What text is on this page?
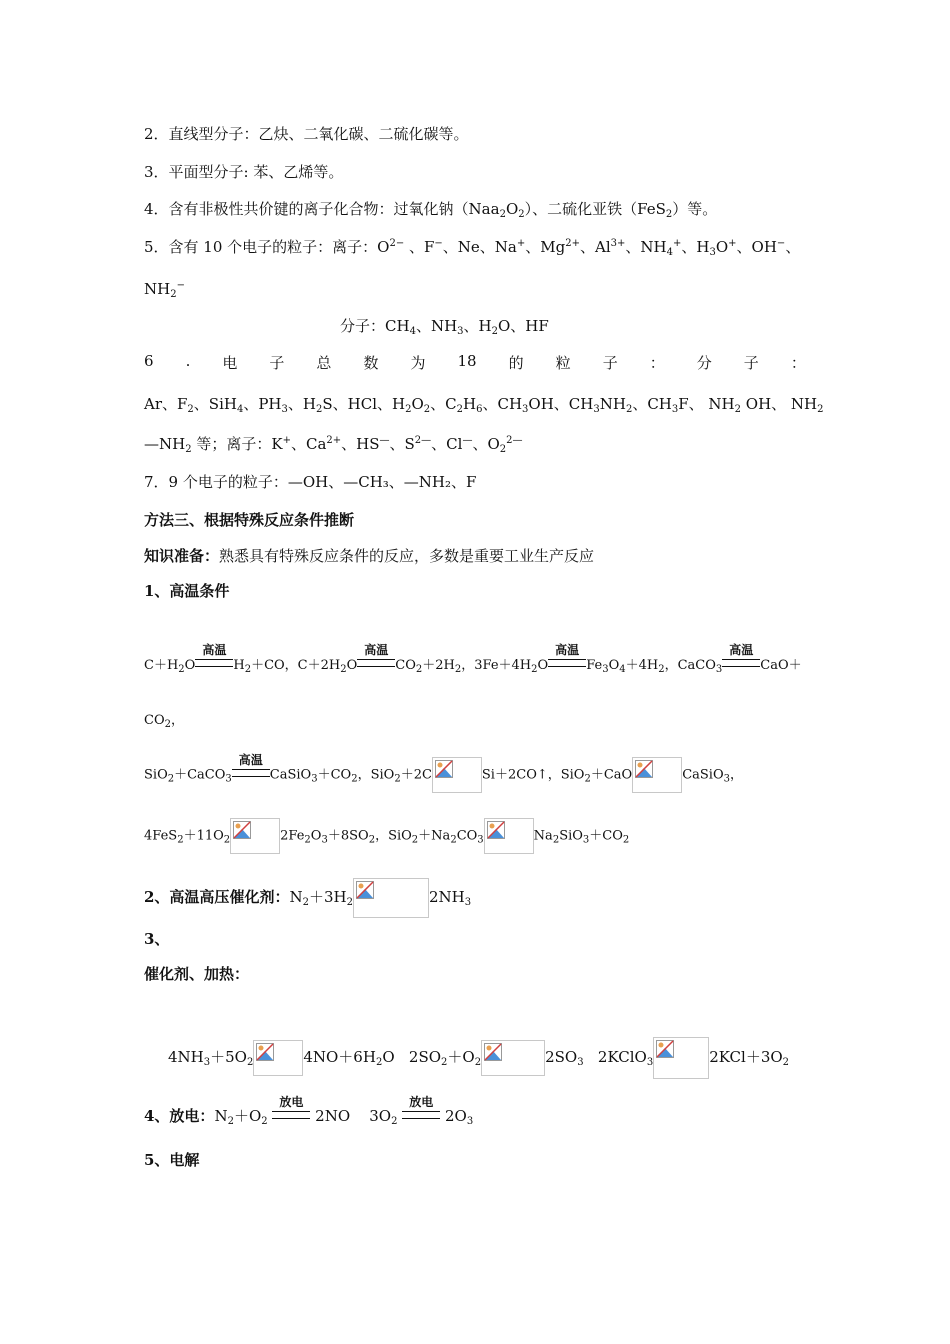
2．直线型分子：乙炔、二氧化碳、二硫化碳等。
3．平面型分子: 苯、乙烯等。
4．含有非极性共价键的离子化合物：过氧化钠$(Naa_2O_2)$、二硫化亚铁（FeS$_2$）等。
5．含有 10 个电子的粒子：离子：$O^{2-}$ 、F−、Ne、Na+、$Mg^{2+}$、$Al^{3+}$、$NH_4^+$、$H_3O^+$、OH−、
$NH_2^-$
分子：$CH_4$、$NH_3$、$H_2O$、HF
6 . 电 子 总 数 为 18 的 粒 子 ： 分 子 ：
Ar、$F_2$、SiH$_4$、$PH_3$、$H_2S$、HCl、$H_2O_2$、$C_2H_6$、$CH_3OH$、$CH_3NH_2$、$CH_3F$、 $NH_2$ OH、 $NH_2$
$—NH_2$ 等；离子：K+、$Ca^{2+}$、HS—、$S^{2—}$、Cl—、$O_2^{2—}$
7．9 个电子的粒子：—OH、—CH₃、—NH₂、F
方法三、根据特殊反应条件推断
知识准备：熟悉具有特殊反应条件的反应，多数是重要工业生产反应
1、高温条件
$C+H_2O$
高温
$H_2+CO$，$C+2H_2O$
高温
$CO_2+2H_2$，$3Fe+4H_2O$
高温
$Fe_3O_4+4H_2$，CaCO$_3$
高温
CaO＋
$CO_2$，
SiO$_2$＋CaCO$_3$
高温
$CaSiO_3+CO_2$，SiO$_2$＋2C	Si＋2CO↑，SiO$_2$＋CaO	CaSiO$_3$，
$4FeS_2+11O_2$	$2Fe_2O_3+8SO_2$，$SiO_2+Na_2CO_3$	$Na_2SiO_3+CO_2$
2、高温高压催化剂：$N_2+3H_2$	$2NH_3$
3、
催化剂、加热：
$4NH_3+5O_2$	$4NO+6H_2O$   $2SO_2+O_2$	$2SO_3$   2KClO$_3$	$2KCl+3O_2$
4、放电：$N_2+O_2$
放电
2NO    $3O_2$
放电
$2O_3$
5、电解
